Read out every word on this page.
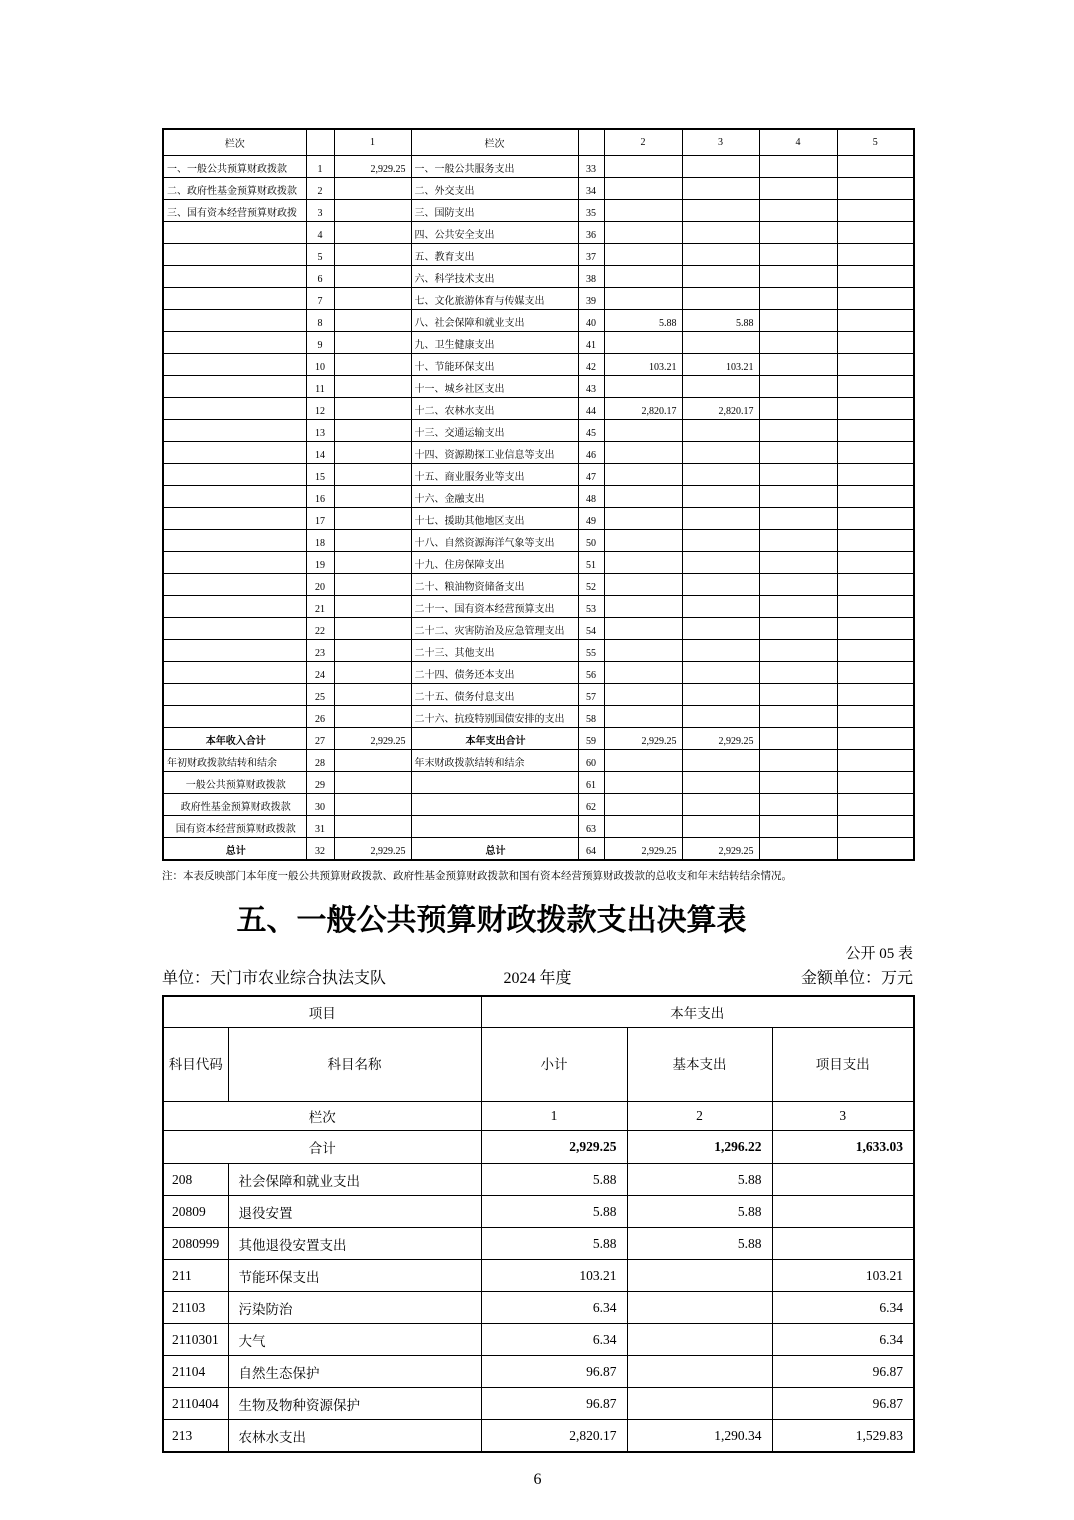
栏次		1	栏次		2	3	4	5
一、一般公共预算财政拨款	1	2,929.25	一、一般公共服务支出	33				
二、政府性基金预算财政拨款	2		二、外交支出	34				
三、国有资本经营预算财政拨	3		三、国防支出	35				
	4		四、公共安全支出	36				
	5		五、教育支出	37				
	6		六、科学技术支出	38				
	7		七、文化旅游体育与传媒支出	39				
	8		八、社会保障和就业支出	40	5.88	5.88		
	9		九、卫生健康支出	41				
	10		十、节能环保支出	42	103.21	103.21		
	11		十一、城乡社区支出	43				
	12		十二、农林水支出	44	2,820.17	2,820.17		
	13		十三、交通运输支出	45				
	14		十四、资源勘探工业信息等支出	46				
	15		十五、商业服务业等支出	47				
	16		十六、金融支出	48				
	17		十七、援助其他地区支出	49				
	18		十八、自然资源海洋气象等支出	50				
	19		十九、住房保障支出	51				
	20		二十、粮油物资储备支出	52				
	21		二十一、国有资本经营预算支出	53				
	22		二十二、灾害防治及应急管理支出	54				
	23		二十三、其他支出	55				
	24		二十四、债务还本支出	56				
	25		二十五、债务付息支出	57				
	26		二十六、抗疫特别国债安排的支出	58				
本年收入合计	27	2,929.25	本年支出合计	59	2,929.25	2,929.25		
年初财政拨款结转和结余	28		年末财政拨款结转和结余	60				
一般公共预算财政拨款	29			61				
政府性基金预算财政拨款	30			62				
国有资本经营预算财政拨款	31			63				
总计	32	2,929.25	总计	64	2,929.25	2,929.25		
注：本表反映部门本年度一般公共预算财政拨款、政府性基金预算财政拨款和国有资本经营预算财政拨款的总收支和年末结转结余情况。
五、一般公共预算财政拨款支出决算表
公开 05 表
单位：天门市农业综合执法支队	2024 年度	金额单位：万元
项目		本年支出		
科目代码	科目名称	小计	基本支出	项目支出
栏次		1	2	3
合计		2,929.25	1,296.22	1,633.03
208	社会保障和就业支出	5.88	5.88	
20809	退役安置	5.88	5.88	
2080999	其他退役安置支出	5.88	5.88	
211	节能环保支出	103.21		103.21
21103	污染防治	6.34		6.34
2110301	大气	6.34		6.34
21104	自然生态保护	96.87		96.87
2110404	生物及物种资源保护	96.87		96.87
213	农林水支出	2,820.17	1,290.34	1,529.83
6
